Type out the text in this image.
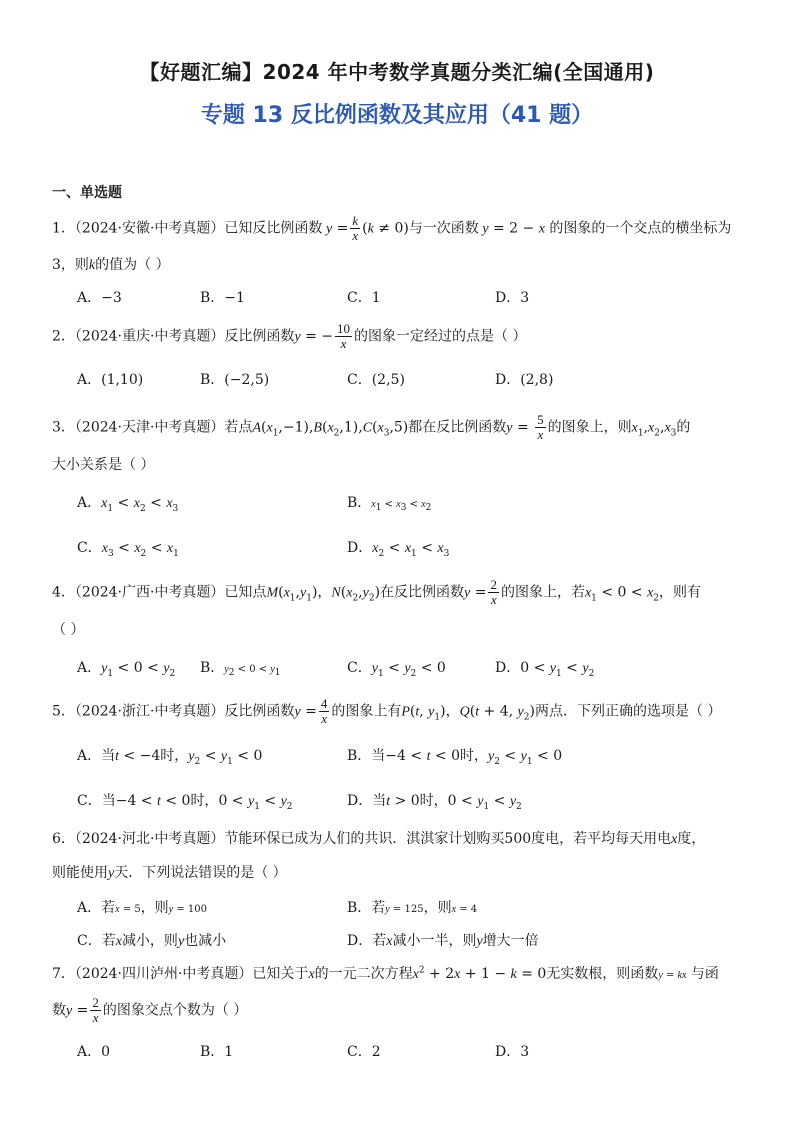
【好题汇编】2024 年中考数学真题分类汇编(全国通用)
专题 13 反比例函数及其应用（41 题）
一、单选题
1．（2024·安徽·中考真题）已知反比例函数 $y = \frac{k}{x} (k \ne 0)$与一次函数 y = 2 − x 的图象的一个交点的横坐标为
3，则k的值为（ ）
A．−3	B．−1	C．1	D．3
2．（2024·重庆·中考真题）反比例函数y = − $\frac{10}{x}$ 的图象一定经过的点是（ ）
A．(1,10)	B．(−2,5)	C．(2,5)	D．(2,8)
3．（2024·天津·中考真题）若点$A(x_1,-1),B(x_2,1),C(x_3,5)$都在反比例函数$y = \frac{5}{x}$ 的图象上，则$x_1,x_2,x_3$的
大小关系是（ ）
A．$x_1 < x_2 < x_3$	B．$x_1 < x_3 < x_2$
C．$x_3 < x_2 < x_1$	D．$x_2 < x_1 < x_3$
4．（2024·广西·中考真题）已知点$M(x_1,y_1)$，$N(x_2,y_2)$在反比例函数$y = \frac{2}{x}$ 的图象上，若$x_1 < 0 < x_2$，则有
（ ）
A．$y_1 < 0 < y_2$ B．$y_2 < 0 < y_1$	C．$y_1 < y_2 < 0$	D．$0 < y_1 < y_2$
5．（2024·浙江·中考真题）反比例函数$y = \frac{4}{x}$ 的图象上有P(t, $y_1$)，Q(t + 4, $y_2$)两点．下列正确的选项是（ ）
A．当t < −4时，$y_2 < y_1 < 0$	B．当−4 < t < 0时，$y_2 < y_1 < 0$
C．当−4 < t < 0时，$0 < y_1 < y_2$	D．当t > 0时，$0 < y_1 < y_2$
6．（2024·河北·中考真题）节能环保已成为人们的共识．淇淇家计划购买500度电，若平均每天用电x度，
则能使用y天．下列说法错误的是（ ）
A．若x = 5，则y = 100	B．若y = 125，则x = 4
C．若x减小，则y也减小	D．若x减小一半，则y增大一倍
7．（2024·四川泸州·中考真题）已知关于x的一元二次方程$x^2 + 2x + 1 - k = 0$无实数根，则函数y = kx 与函
数$y = \frac{2}{x}$ 的图象交点个数为（ ）
A．0	B．1	C．2	D．3
